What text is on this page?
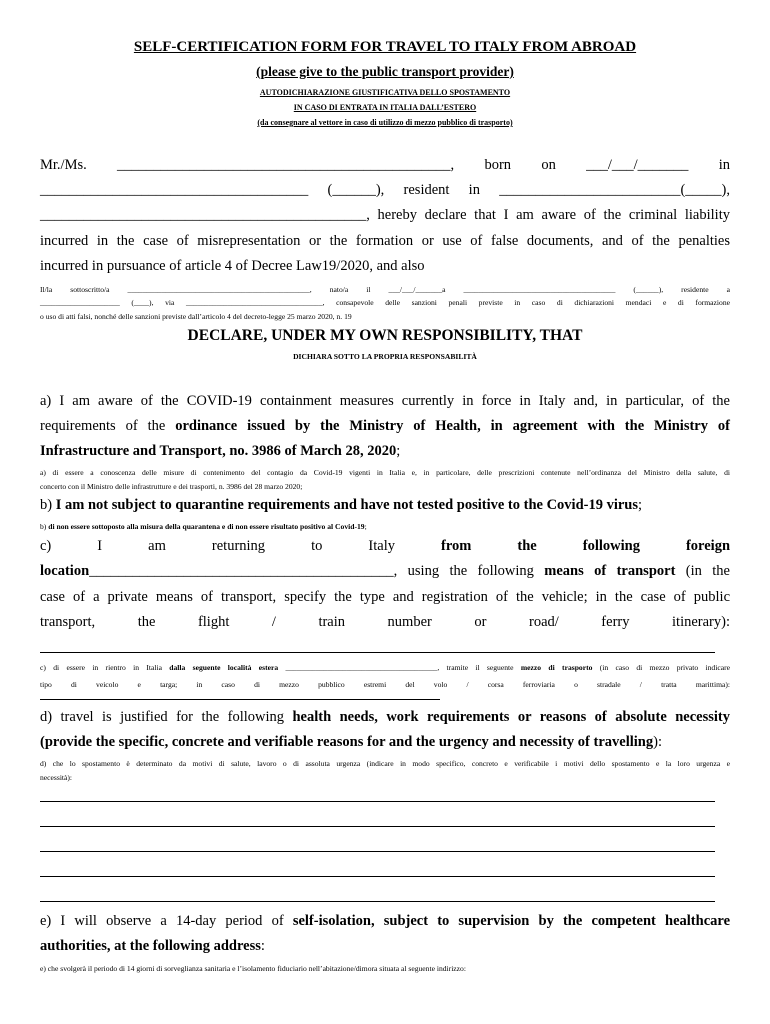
SELF-CERTIFICATION FORM FOR TRAVEL TO ITALY FROM ABROAD
(please give to the public transport provider)
AUTODICHIARAZIONE GIUSTIFICATIVA DELLO SPOSTAMENTO
IN CASO DI ENTRATA IN ITALIA DALL’ESTERO
(da consegnare al vettore in caso di utilizzo di mezzo pubblico di trasporto)
Mr./Ms. ______________________________________________, born on ___/___/_______ in
_____________________________________ (______), resident in _________________________(_____),
_____________________________________________, hereby declare that I am aware of the criminal liability
incurred in the case of misrepresentation or the formation or use of false documents, and of the penalties
incurred in pursuance of article 4 of Decree Law19/2020, and also
Il/la sottoscritto/a ________________________________________________, nato/a il ___/___/_______a ________________________________________ (______), residente a
_____________________ (____), via ____________________________________, consapevole delle sanzioni penali previste in caso di dichiarazioni mendaci e di formazione
o uso di atti falsi, nonché delle sanzioni previste dall’articolo 4 del decreto-legge 25 marzo 2020, n. 19
DECLARE, UNDER MY OWN RESPONSIBILITY, THAT
DICHIARA SOTTO LA PROPRIA RESPONSABILITÀ
a) I am aware of the COVID-19 containment measures currently in force in Italy and, in particular, of the
requirements of the ordinance issued by the Ministry of Health, in agreement with the Ministry of
Infrastructure and Transport, no. 3986 of March 28, 2020;
a) di essere a conoscenza delle misure di contenimento del contagio da Covid-19 vigenti in Italia e, in particolare, delle prescrizioni contenute nell’ordinanza del Ministro della salute, di
concerto con il Ministro delle infrastrutture e dei trasporti, n. 3986 del 28 marzo 2020;
b) I am not subject to quarantine requirements and have not tested positive to the Covid-19 virus;
b) di non essere sottoposto alla misura della quarantena e di non essere risultato positivo al Covid-19;
c) I am returning to Italy from the following foreign
location__________________________________________, using the following means of transport (in the
case of a private means of transport, specify the type and registration of the vehicle; in the case of public
transport, the flight / train number or road/ ferry itinerary):
c) di essere in rientro in Italia dalla seguente località estera ________________________________________, tramite il seguente mezzo di trasporto (in caso di mezzo privato indicare
tipo di veicolo e targa; in caso di mezzo pubblico estremi del volo / corsa ferroviaria o stradale / tratta marittima):
d) travel is justified for the following health needs, work requirements or reasons of absolute necessity
(provide the specific, concrete and verifiable reasons for and the urgency and necessity of travelling):
d) che lo spostamento è determinato da motivi di salute, lavoro o di assoluta urgenza (indicare in modo specifico, concreto e verificabile i motivi dello spostamento e la loro urgenza e
necessità):
e) I will observe a 14-day period of self-isolation, subject to supervision by the competent healthcare
authorities, at the following address:
e) che svolgerà il periodo di 14 giorni di sorveglianza sanitaria e l’isolamento fiduciario nell’abitazione/dimora situata al seguente indirizzo:
